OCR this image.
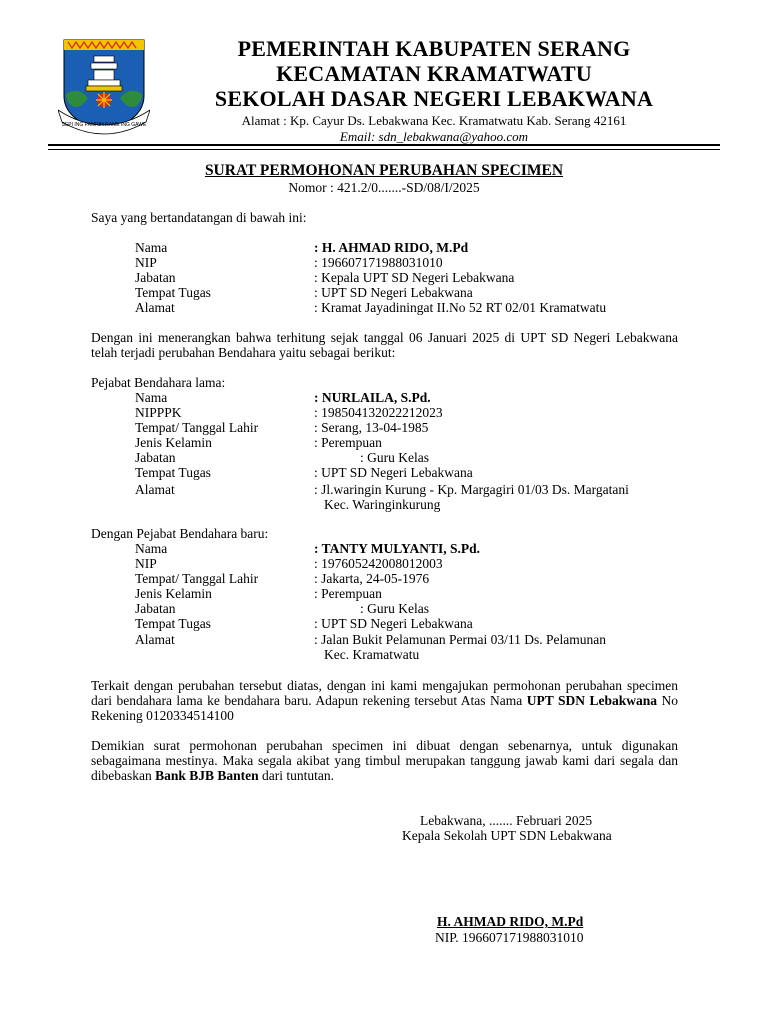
SEPI ING PAMRIH RAME ING GAWE
PEMERINTAH KABUPATEN SERANG
KECAMATAN KRAMATWATU
SEKOLAH DASAR NEGERI LEBAKWANA
Alamat : Kp. Cayur Ds. Lebakwana Kec. Kramatwatu Kab. Serang 42161
Email: sdn_lebakwana@yahoo.com
SURAT PERMOHONAN PERUBAHAN SPECIMEN
Nomor : 421.2/0.......-SD/08/I/2025
Saya yang bertandatangan di bawah ini:
Nama	: H. AHMAD RIDO, M.Pd
NIP	: 196607171988031010
Jabatan	: Kepala UPT SD Negeri Lebakwana
Tempat Tugas	: UPT SD Negeri Lebakwana
Alamat	: Kramat Jayadiningat II.No 52 RT 02/01 Kramatwatu
Dengan ini menerangkan bahwa terhitung sejak tanggal 06 Januari 2025 di UPT SD Negeri Lebakwana telah terjadi perubahan Bendahara yaitu sebagai berikut:
Pejabat Bendahara lama:
Nama	: NURLAILA, S.Pd.
NIPPPK	: 198504132022212023
Tempat/ Tanggal Lahir	: Serang, 13-04-1985
Jenis Kelamin	: Perempuan
Jabatan	: Guru Kelas
Tempat Tugas	: UPT SD Negeri Lebakwana
Alamat	: Jl.waringin Kurung - Kp. Margagiri 01/03 Ds. Margatani
Kec. Waringinkurung
Dengan Pejabat Bendahara baru:
Nama	: TANTY MULYANTI, S.Pd.
NIP	: 197605242008012003
Tempat/ Tanggal Lahir	: Jakarta, 24-05-1976
Jenis Kelamin	: Perempuan
Jabatan	: Guru Kelas
Tempat Tugas	: UPT SD Negeri Lebakwana
Alamat	: Jalan Bukit Pelamunan Permai 03/11 Ds. Pelamunan
Kec. Kramatwatu
Terkait dengan perubahan tersebut diatas, dengan ini kami mengajukan permohonan perubahan specimen dari bendahara lama ke bendahara baru. Adapun rekening tersebut Atas Nama UPT SDN Lebakwana No Rekening 0120334514100
Demikian surat permohonan perubahan specimen ini dibuat dengan sebenarnya, untuk digunakan sebagaimana mestinya. Maka segala akibat yang timbul merupakan tanggung jawab kami dari segala dan dibebaskan Bank BJB Banten dari tuntutan.
Lebakwana, ....... Februari 2025
Kepala Sekolah UPT SDN Lebakwana
H. AHMAD RIDO, M.Pd
NIP. 196607171988031010
